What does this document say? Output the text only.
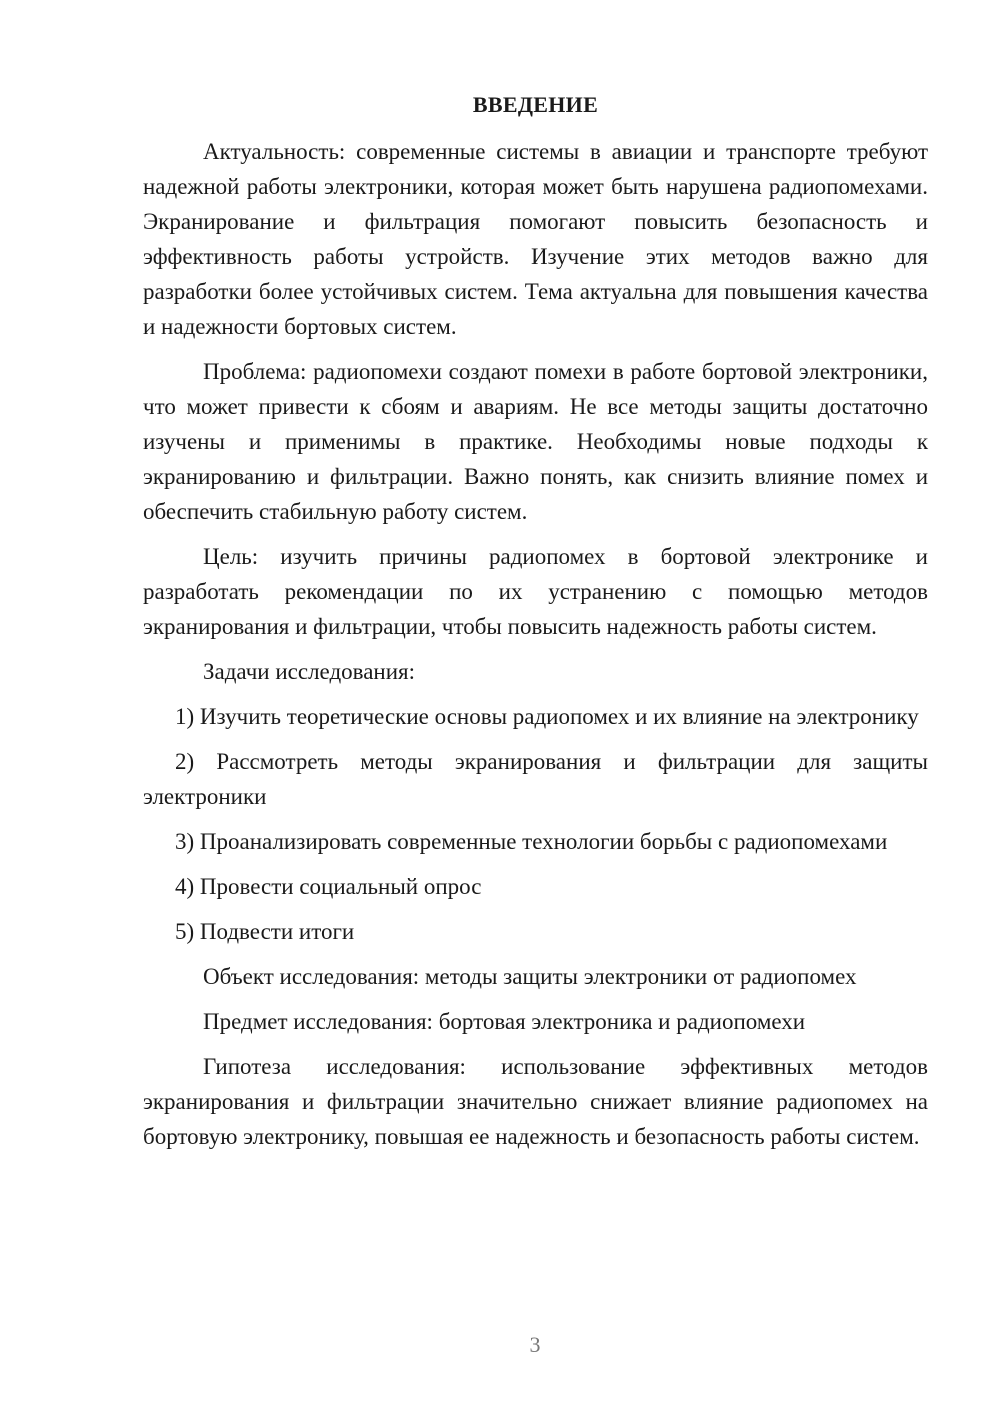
ВВЕДЕНИЕ

Актуальность: современные системы в авиации и транспорте требуют надежной работы электроники, которая может быть нарушена радиопомехами. Экранирование и фильтрация помогают повысить безопасность и эффективность работы устройств. Изучение этих методов важно для разработки более устойчивых систем. Тема актуальна для повышения качества и надежности бортовых систем.

Проблема: радиопомехи создают помехи в работе бортовой электроники, что может привести к сбоям и авариям. Не все методы защиты достаточно изучены и применимы в практике. Необходимы новые подходы к экранированию и фильтрации. Важно понять, как снизить влияние помех и обеспечить стабильную работу систем.

Цель: изучить причины радиопомех в бортовой электронике и разработать рекомендации по их устранению с помощью методов экранирования и фильтрации, чтобы повысить надежность работы систем.

Задачи исследования:

1) Изучить теоретические основы радиопомех и их влияние на электронику

2) Рассмотреть методы экранирования и фильтрации для защиты электроники

3) Проанализировать современные технологии борьбы с радиопомехами

4) Провести социальный опрос

5) Подвести итоги

Объект исследования: методы защиты электроники от радиопомех

Предмет исследования: бортовая электроника и радиопомехи

Гипотеза исследования: использование эффективных методов экранирования и фильтрации значительно снижает влияние радиопомех на бортовую электронику, повышая ее надежность и безопасность работы систем.

3
